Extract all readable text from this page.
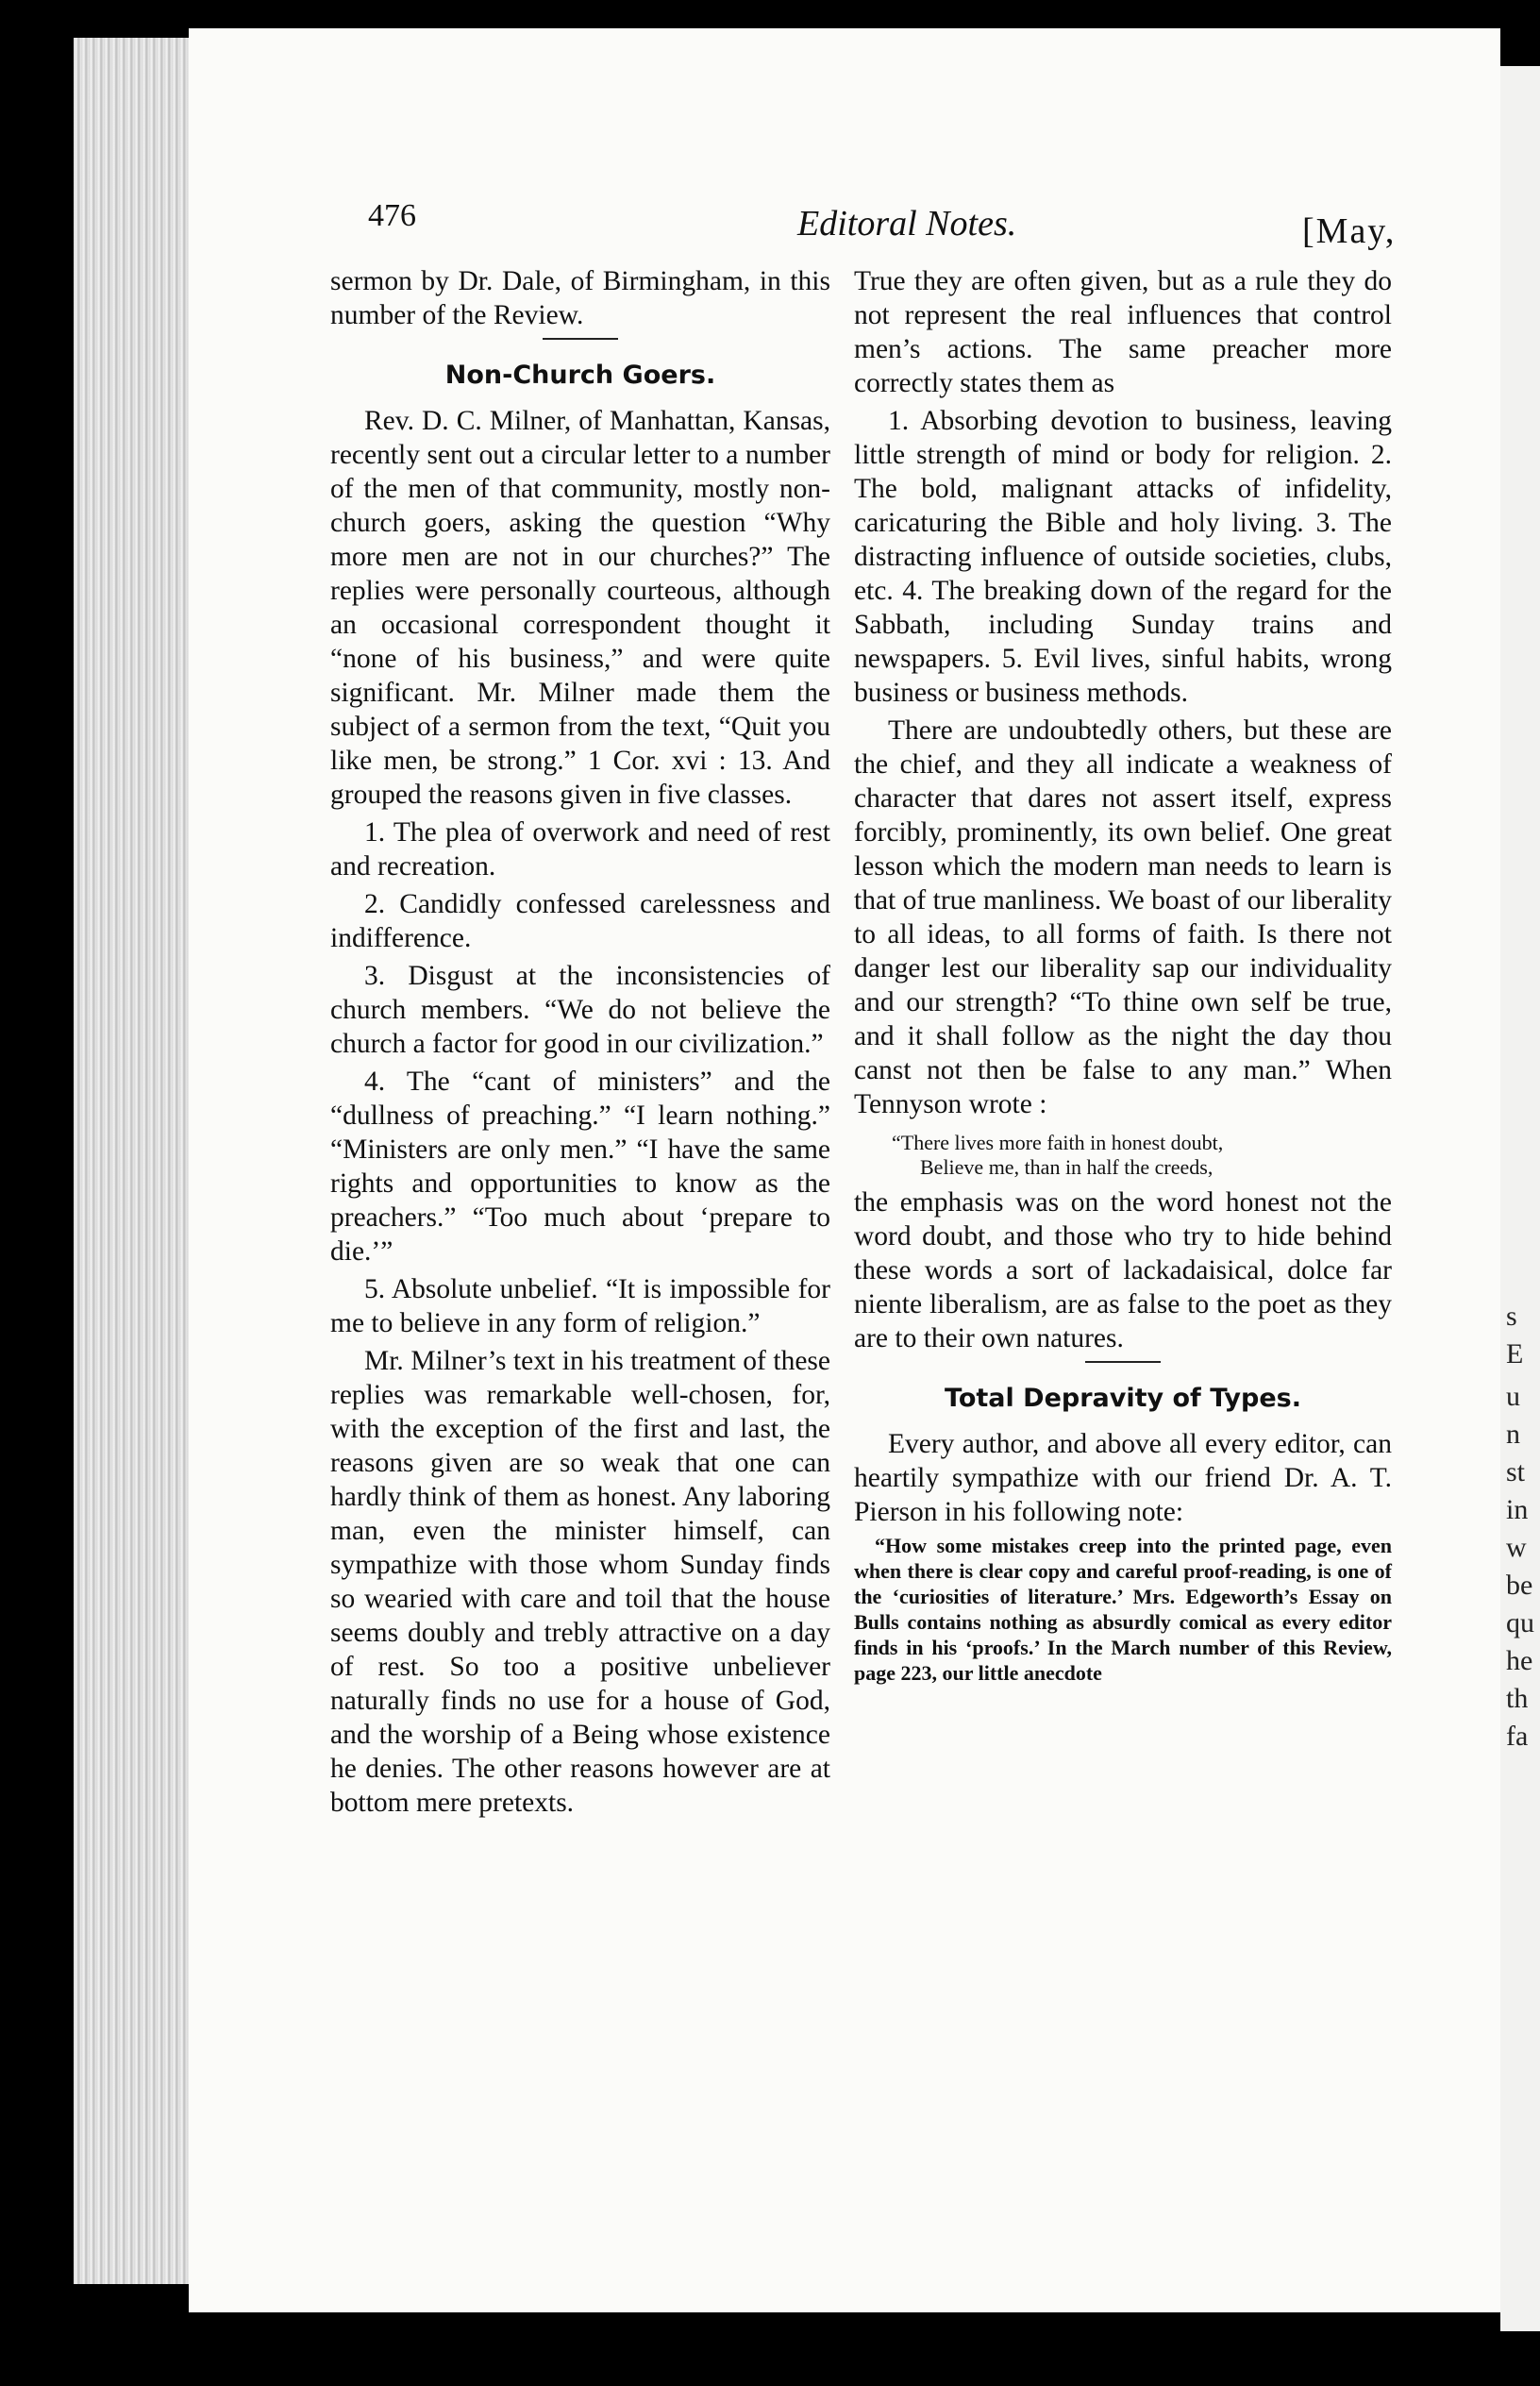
s
E
u
n
st
in
w
be
qu
he
th
fa
476	Editoral Notes.	[May,

sermon by Dr. Dale, of Birmingham, in this number of the Review.

Non-Church Goers.

Rev. D. C. Milner, of Manhattan, Kansas, recently sent out a circular letter to a number of the men of that community, mostly non-church goers, asking the question “Why more men are not in our churches?” The replies were personally courteous, although an occasional correspondent thought it “none of his business,” and were quite significant. Mr. Milner made them the subject of a sermon from the text, “Quit you like men, be strong.” 1 Cor. xvi : 13. And grouped the reasons given in five classes.

1. The plea of overwork and need of rest and recreation.

2. Candidly confessed carelessness and indifference.

3. Disgust at the inconsistencies of church members. “We do not believe the church a factor for good in our civilization.”

4. The “cant of ministers” and the “dullness of preaching.” “I learn nothing.” “Ministers are only men.” “I have the same rights and opportunities to know as the preachers.” “Too much about ‘prepare to die.’”

5. Absolute unbelief. “It is impossible for me to believe in any form of religion.”

Mr. Milner’s text in his treatment of these replies was remarkable well-chosen, for, with the exception of the first and last, the reasons given are so weak that one can hardly think of them as honest. Any laboring man, even the minister himself, can sympathize with those whom Sunday finds so wearied with care and toil that the house seems doubly and trebly attractive on a day of rest. So too a positive unbeliever naturally finds no use for a house of God, and the worship of a Being whose existence he denies. The other reasons however are at bottom mere pretexts.

True they are often given, but as a rule they do not represent the real influences that control men’s actions. The same preacher more correctly states them as

1. Absorbing devotion to business, leaving little strength of mind or body for religion. 2. The bold, malignant attacks of infidelity, caricaturing the Bible and holy living. 3. The distracting influence of outside societies, clubs, etc. 4. The breaking down of the regard for the Sabbath, including Sunday trains and newspapers. 5. Evil lives, sinful habits, wrong business or business methods.

There are undoubtedly others, but these are the chief, and they all indicate a weakness of character that dares not assert itself, express forcibly, prominently, its own belief. One great lesson which the modern man needs to learn is that of true manliness. We boast of our liberality to all ideas, to all forms of faith. Is there not danger lest our liberality sap our individuality and our strength? “To thine own self be true, and it shall follow as the night the day thou canst not then be false to any man.” When Tennyson wrote :

“There lives more faith in honest doubt,
Believe me, than in half the creeds,

the emphasis was on the word honest not the word doubt, and those who try to hide behind these words a sort of lackadaisical, dolce far niente liberalism, are as false to the poet as they are to their own natures.

Total Depravity of Types.

Every author, and above all every editor, can heartily sympathize with our friend Dr. A. T. Pierson in his following note:

“How some mistakes creep into the printed page, even when there is clear copy and careful proof-reading, is one of the ‘curiosities of literature.’ Mrs. Edgeworth’s Essay on Bulls contains nothing as absurdly comical as every editor finds in his ‘proofs.’ In the March number of this Review, page 223, our little anecdote
